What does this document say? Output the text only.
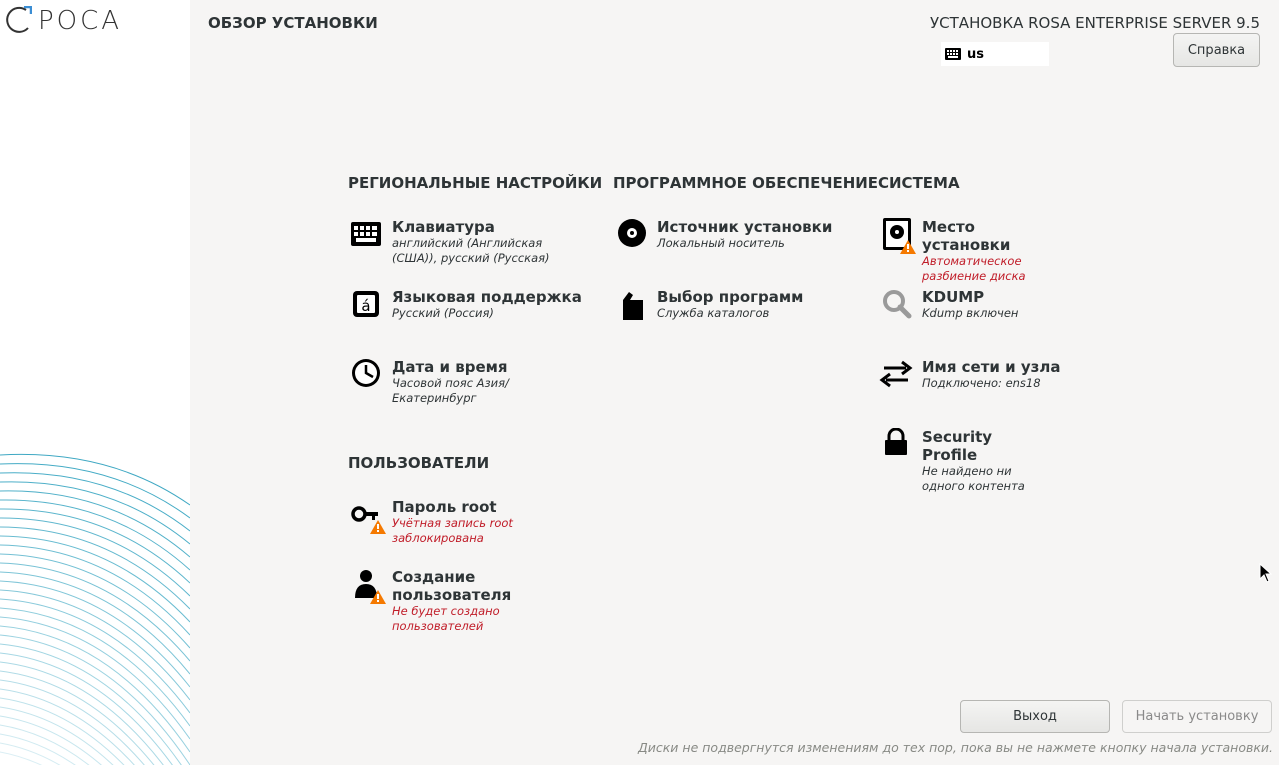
РОСА	ОБЗОР УСТАНОВКИ	УСТАНОВКА ROSA ENTERPRISE SERVER 9.5
us	Справка
РЕГИОНАЛЬНЫЕ НАСТРОЙКИ ПРОГРАММНОЕ ОБЕСПЕЧЕНИЕ СИСТЕМА
ПОЛЬЗОВАТЕЛИ
Клавиатура
английский (Английская (США)), русский (Русская)
á Языковая поддержка
Русский (Россия)
Дата и время
Часовой пояс Азия/ Екатеринбург
Пароль root
Учётная запись root заблокирована
Создание пользователя
Не будет создано пользователей
Источник установки
Локальный носитель
Выбор программ
Служба каталогов
Место установки
Автоматическое разбиение диска
KDUMP
Kdump включен
Имя сети и узла
Подключено: ens18
Security Profile
Не найдено ни одного контента
Выход	Начать установку
Диски не подвергнутся изменениям до тех пор, пока вы не нажмете кнопку начала установки.
